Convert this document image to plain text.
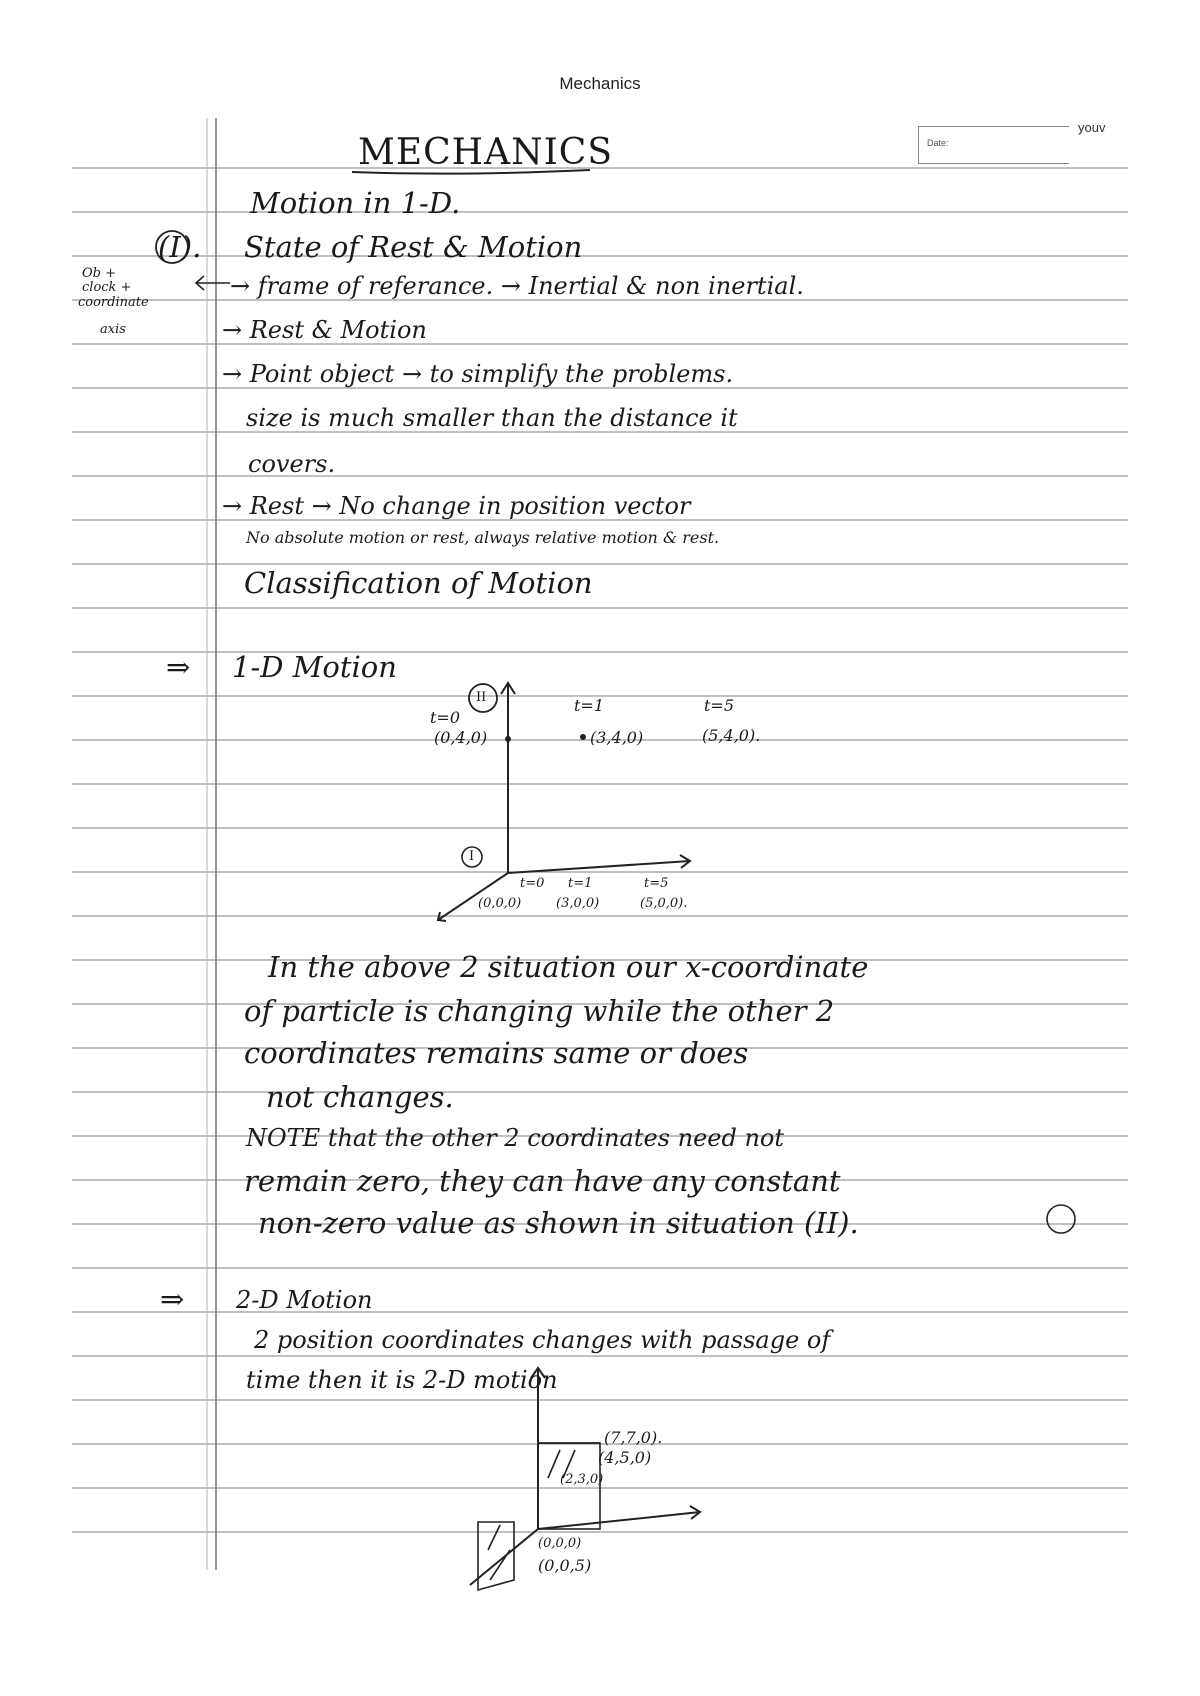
Mechanics
Date:
youv
MECHANICS
Motion in 1-D.
(I). State of Rest & Motion
Ob +
clock +
coordinate
axis
→ frame of referance. → Inertial & non inertial.
→ Rest & Motion
→ Point object → to simplify the problems.
size is much smaller than the distance it
covers.
→ Rest → No change in position vector
No absolute motion or rest, always relative motion & rest.
Classification of Motion
⇒ 1-D Motion
II
I
t=0
(0,4,0)
t=1
(3,4,0)
t=5
(5,4,0).
t=0
(0,0,0)
t=1
(3,0,0)
t=5
(5,0,0).
In the above 2 situation our x-coordinate
of particle is changing while the other 2
coordinates remains same or does
not changes.
NOTE that the other 2 coordinates need not
remain zero, they can have any constant
non-zero value as shown in situation (II).
⇒ 2-D Motion
2 position coordinates changes with passage of
time then it is 2-D motion
(7,7,0).
(4,5,0)
(2,3,0)
(0,0,0)
(0,0,5)
